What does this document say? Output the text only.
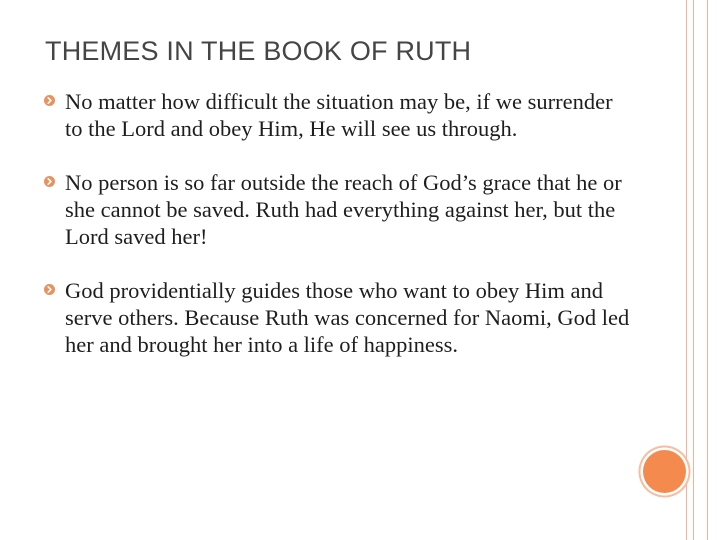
THEMES IN THE BOOK OF RUTH
No matter how difficult the situation may be, if we surrender to the Lord and obey Him, He will see us through.
No person is so far outside the reach of God’s grace that he or she cannot be saved. Ruth had everything against her, but the Lord saved her!
God providentially guides those who want to obey Him and serve others. Because Ruth was concerned for Naomi, God led her and brought her into a life of happiness.
